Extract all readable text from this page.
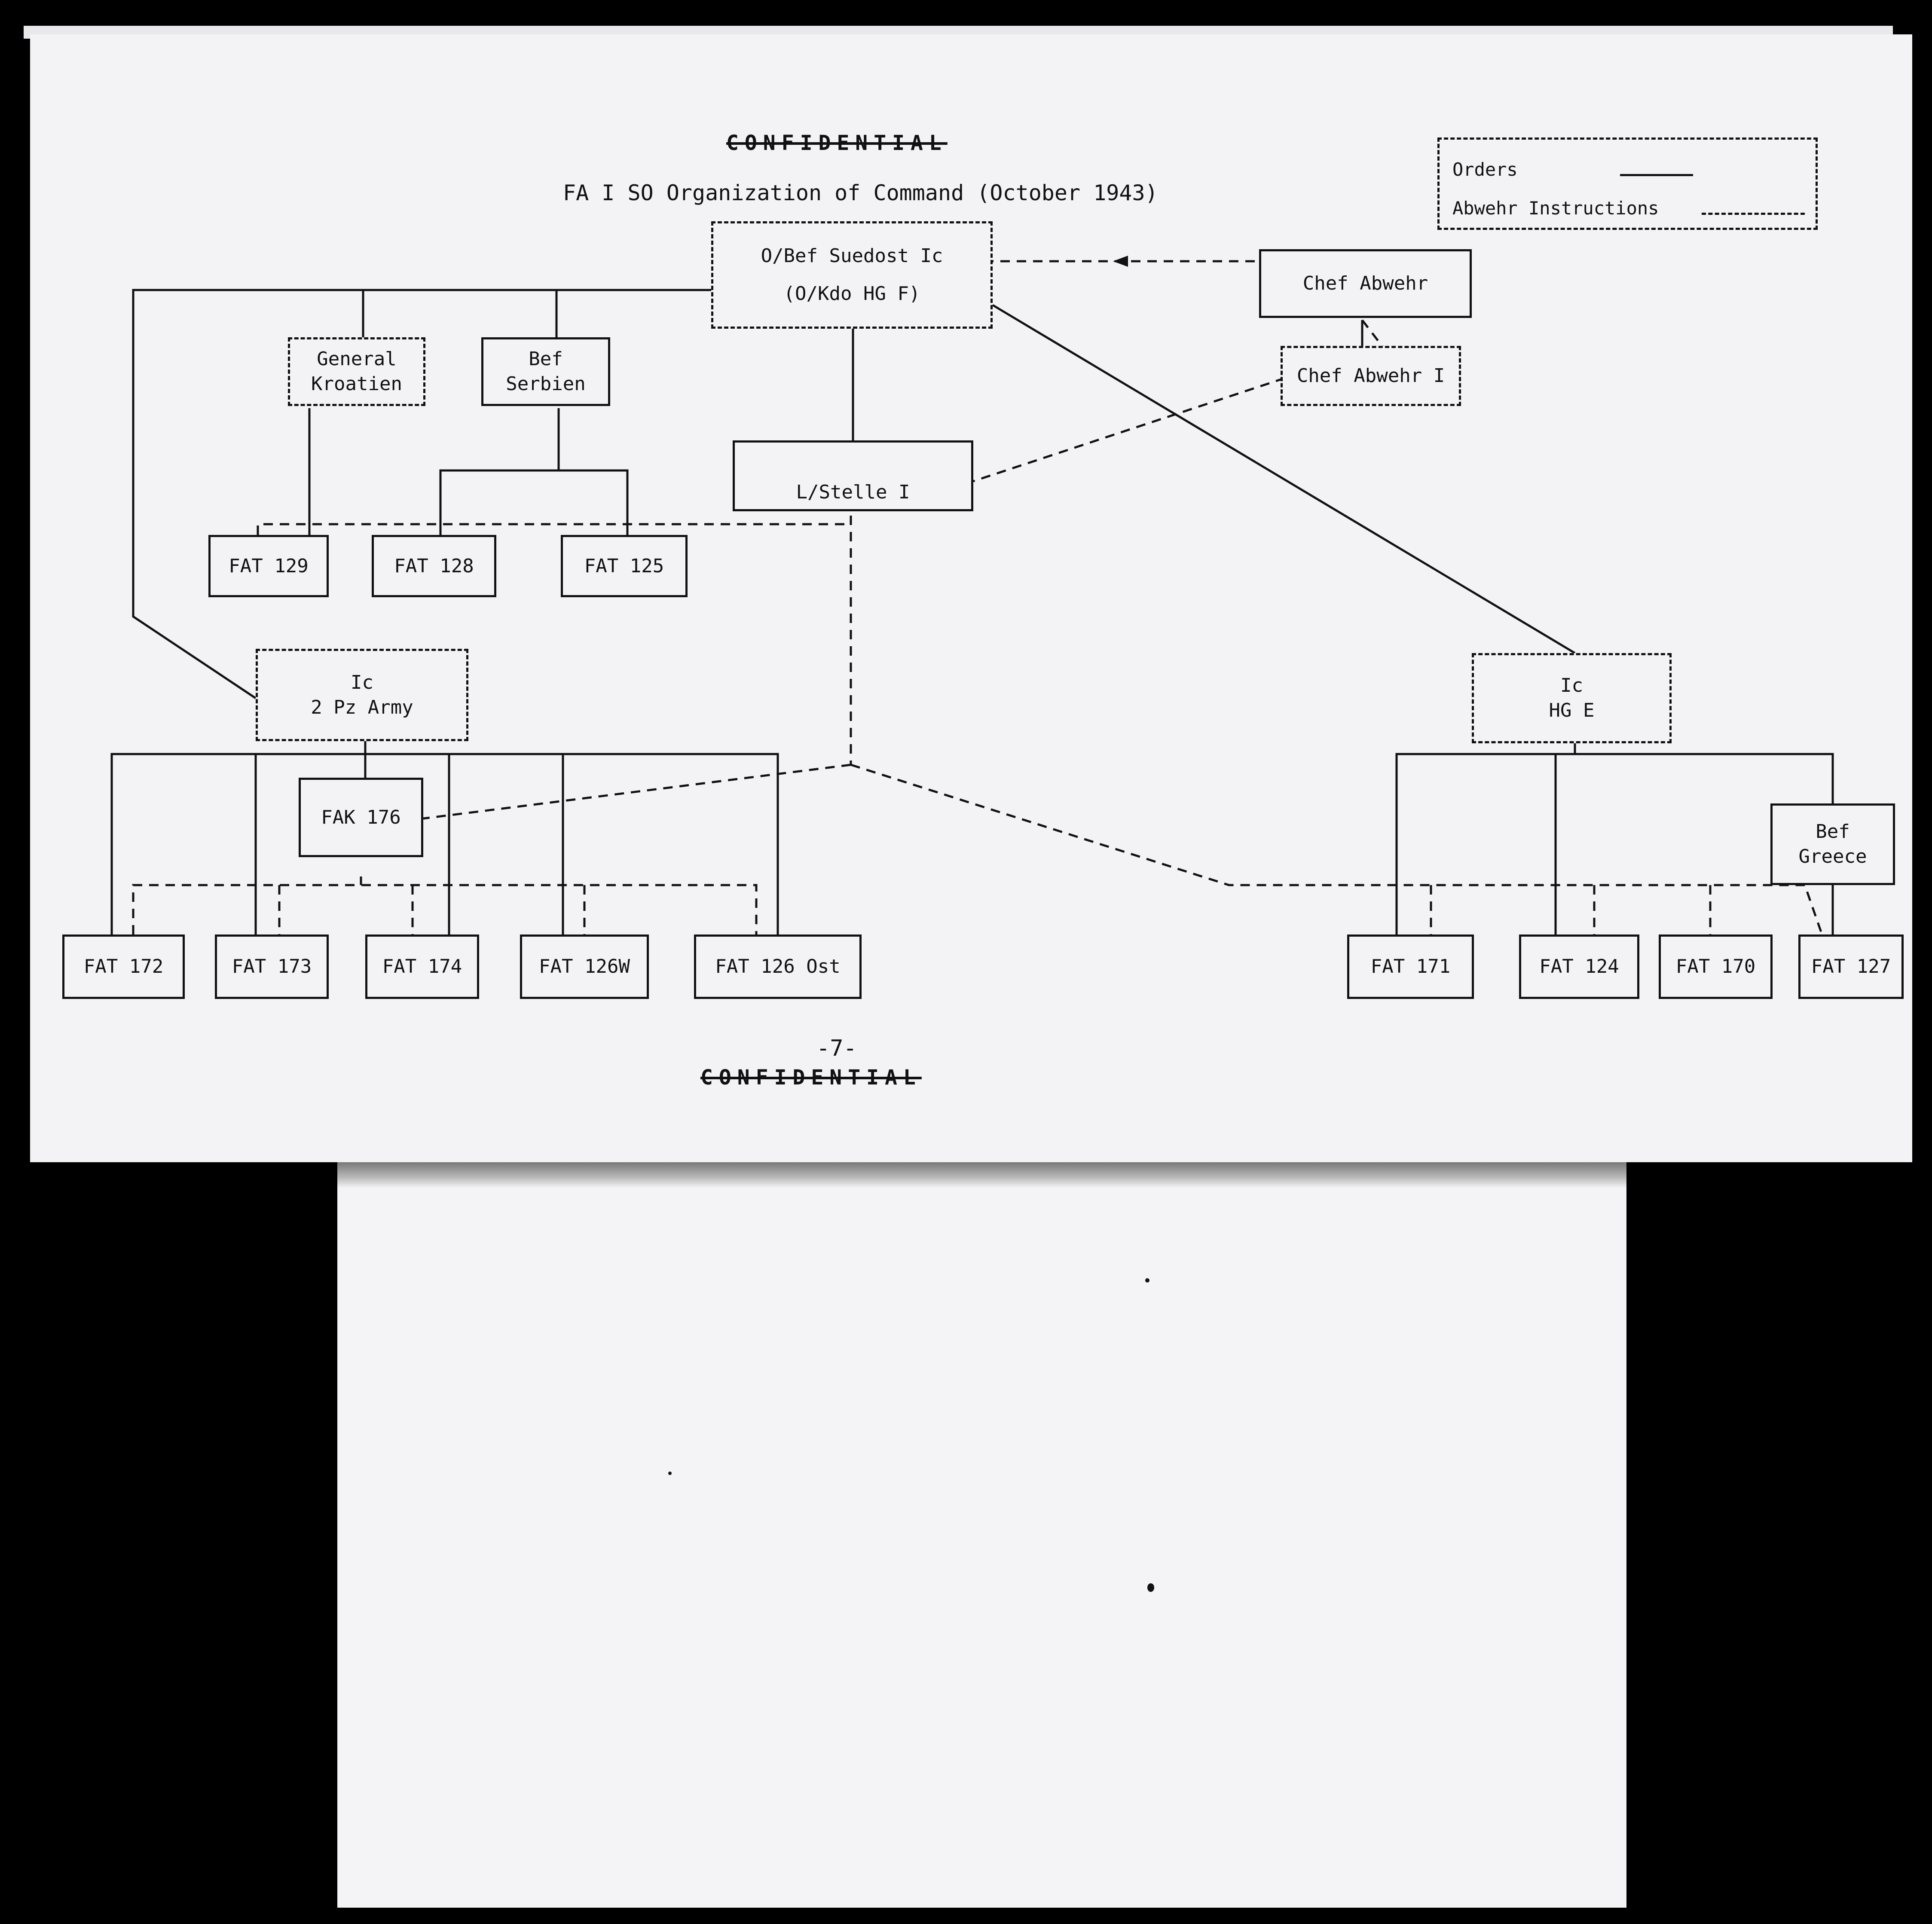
CONFIDENTIAL
FA I SO Organization of Command (October 1943)
-7-
CONFIDENTIAL
Orders
Abwehr Instructions
O/Bef Suedost Ic
(O/Kdo HG F)	Chef Abwehr
Chef Abwehr I
General
Kroatien
Bef
Serbien
L/Stelle I
FAT 129	FAT 128	FAT 125
Ic
2 Pz Army
Ic
HG E
FAK 176
Bef
Greece
FAT 172	FAT 173	FAT 174	FAT 126W	FAT 126 Ost	FAT 171	FAT 124	FAT 170	FAT 127
